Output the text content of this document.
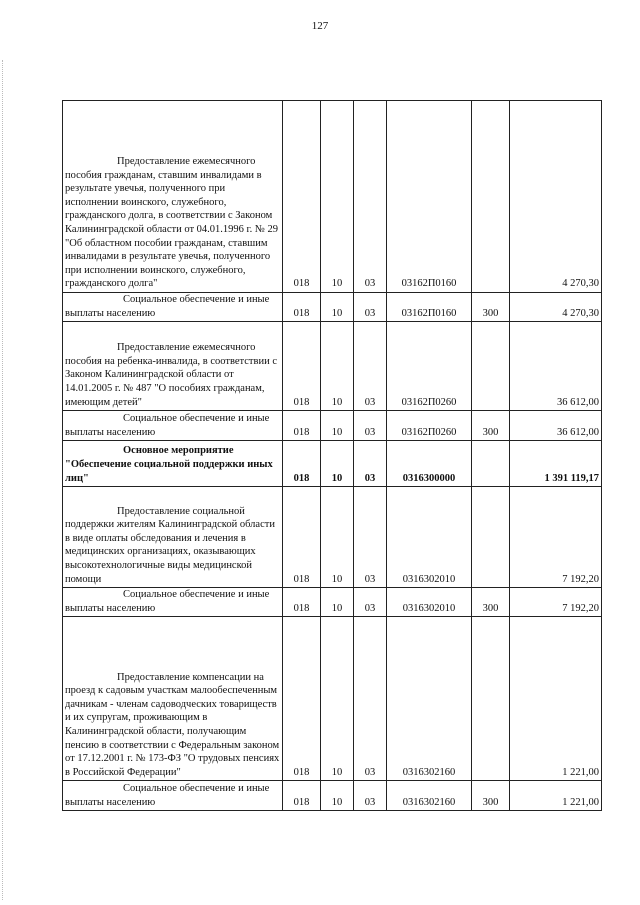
127
Предоставление ежемесячного пособия гражданам, ставшим инвалидами в результате увечья, полученного при исполнении воинского, служебного, гражданского долга, в соответствии с Законом Калининградской области от 04.01.1996 г. № 29 "Об областном пособии гражданам, ставшим инвалидами в результате увечья, полученного при исполнении воинского, служебного, гражданского долга"	018	10	03	03162П0160		4 270,30
Социальное обеспечение и иные выплаты населению	018	10	03	03162П0160	300	4 270,30
Предоставление ежемесячного пособия на ребенка-инвалида, в соответствии с Законом Калининградской области от 14.01.2005 г. № 487 "О пособиях гражданам, имеющим детей"	018	10	03	03162П0260		36 612,00
Социальное обеспечение и иные выплаты населению	018	10	03	03162П0260	300	36 612,00
Основное мероприятие "Обеспечение социальной поддержки иных лиц"	018	10	03	0316300000		1 391 119,17
Предоставление социальной поддержки жителям Калининградской области в виде оплаты обследования и лечения в медицинских организациях, оказывающих высокотехнологичные виды медицинской помощи	018	10	03	0316302010		7 192,20
Социальное обеспечение и иные выплаты населению	018	10	03	0316302010	300	7 192,20
Предоставление компенсации на проезд к садовым участкам малообеспеченным дачникам - членам садоводческих товариществ и их супругам, проживающим в Калининградской области, получающим пенсию в соответствии с Федеральным законом от 17.12.2001 г. № 173-ФЗ "О трудовых пенсиях в Российской Федерации"	018	10	03	0316302160		1 221,00
Социальное обеспечение и иные выплаты населению	018	10	03	0316302160	300	1 221,00
